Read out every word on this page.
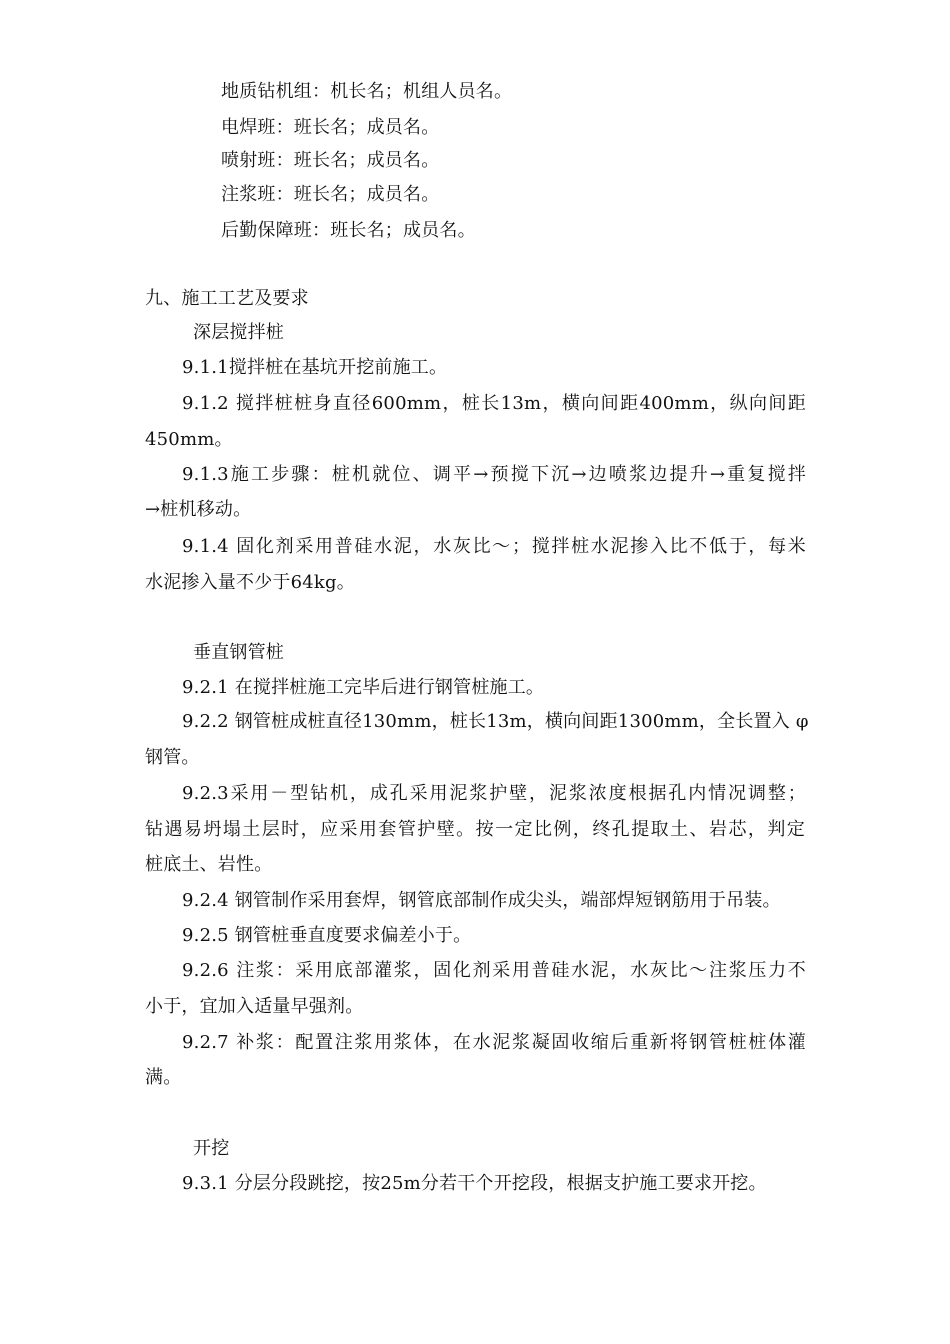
地质钻机组：机长名；机组人员名。
电焊班：班长名；成员名。
喷射班：班长名；成员名。
注浆班：班长名；成员名。
后勤保障班：班长名；成员名。
九、施工工艺及要求
深层搅拌桩
9.1.1搅拌桩在基坑开挖前施工。
9.1.2 搅拌桩桩身直径600mm，桩长13m，横向间距400mm，纵向间距
450mm。
9.1.3施工步骤：桩机就位、调平→预搅下沉→边喷浆边提升→重复搅拌
→桩机移动。
9.1.4 固化剂采用普硅水泥，水灰比～；搅拌桩水泥掺入比不低于，每米
水泥掺入量不少于64kg。
垂直钢管桩
9.2.1 在搅拌桩施工完毕后进行钢管桩施工。
9.2.2 钢管桩成桩直径130mm，桩长13m，横向间距1300mm，全长置入 φ
钢管。
9.2.3采用－型钻机，成孔采用泥浆护壁，泥浆浓度根据孔内情况调整；
钻遇易坍塌土层时，应采用套管护壁。按一定比例，终孔提取土、岩芯，判定
桩底土、岩性。
9.2.4 钢管制作采用套焊，钢管底部制作成尖头，端部焊短钢筋用于吊装。
9.2.5 钢管桩垂直度要求偏差小于。
9.2.6 注浆：采用底部灌浆，固化剂采用普硅水泥，水灰比～注浆压力不
小于，宜加入适量早强剂。
9.2.7 补浆：配置注浆用浆体，在水泥浆凝固收缩后重新将钢管桩桩体灌
满。
开挖
9.3.1 分层分段跳挖，按25m分若干个开挖段，根据支护施工要求开挖。
